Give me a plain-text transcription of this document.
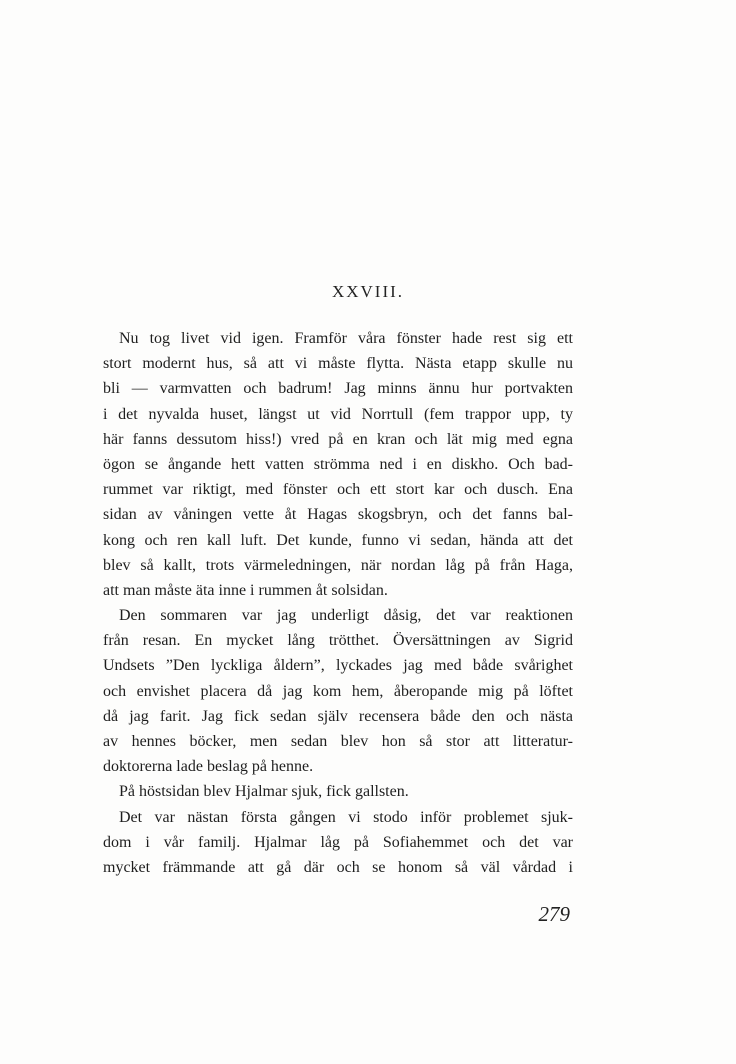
XXVIII.
Nu tog livet vid igen. Framför våra fönster hade rest sig ett
stort modernt hus, så att vi måste flytta. Nästa etapp skulle nu
bli — varmvatten och badrum! Jag minns ännu hur portvakten
i det nyvalda huset, längst ut vid Norrtull (fem trappor upp, ty
här fanns dessutom hiss!) vred på en kran och lät mig med egna
ögon se ångande hett vatten strömma ned i en diskho. Och bad-
rummet var riktigt, med fönster och ett stort kar och dusch. Ena
sidan av våningen vette åt Hagas skogsbryn, och det fanns bal-
kong och ren kall luft. Det kunde, funno vi sedan, hända att det
blev så kallt, trots värmeledningen, när nordan låg på från Haga,
att man måste äta inne i rummen åt solsidan.
Den sommaren var jag underligt dåsig, det var reaktionen
från resan. En mycket lång trötthet. Översättningen av Sigrid
Undsets ”Den lyckliga åldern”, lyckades jag med både svårighet
och envishet placera då jag kom hem, åberopande mig på löftet
då jag farit. Jag fick sedan själv recensera både den och nästa
av hennes böcker, men sedan blev hon så stor att litteratur-
doktorerna lade beslag på henne.
På höstsidan blev Hjalmar sjuk, fick gallsten.
Det var nästan första gången vi stodo inför problemet sjuk-
dom i vår familj. Hjalmar låg på Sofiahemmet och det var
mycket främmande att gå där och se honom så väl vårdad i
279
